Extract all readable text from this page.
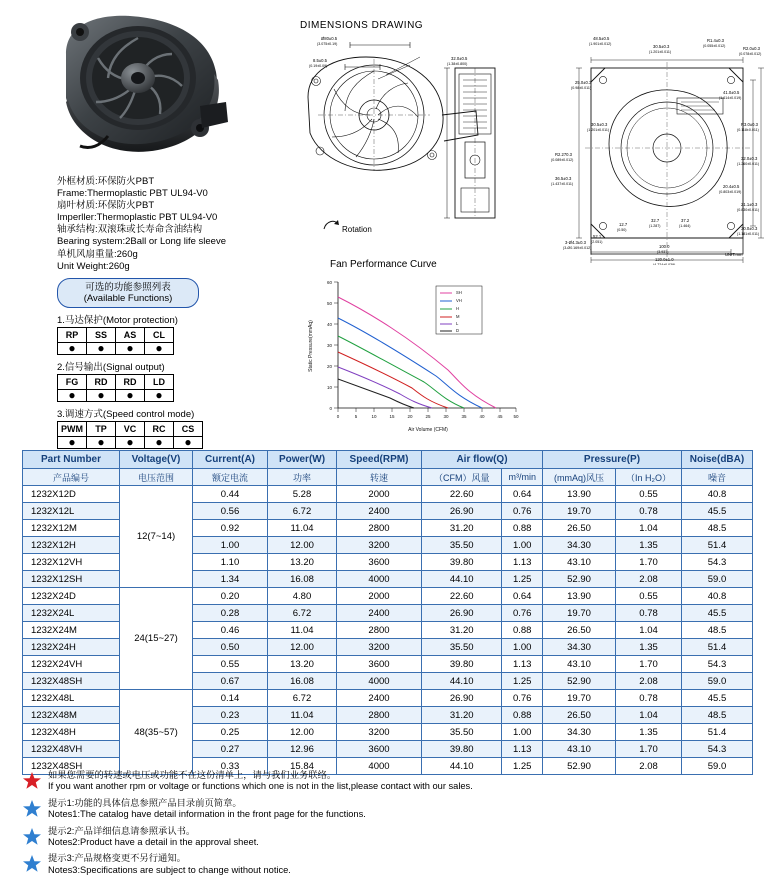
外框材质:环保防火PBT
Frame:Thermoplastic PBT UL94-V0
扇叶材质:环保防火PBT
Imperller:Thermoplastic PBT UL94-V0
轴承结构:双滚珠或长寿命含油结构
Bearing system:2Ball or Long life sleeve
单机风扇重量:260g
Unit Weight:260g
可选的功能参照列表
(Available Functions)
1.马达保护(Motor protection)
RP	SS	AS	CL
●	●	●	●
2.信号输出(Signal output)
FG	RD	RD	LD
●	●	●	●
3.调速方式(Speed control mode)
PWM	TP	VC	RC	CS
●	●	●	●	●
DIMENSIONS DRAWING
Ø80±0.5
(3.075±0.19)
8.5±0.5
(0.19±0.09)
32.0±0.5
(1.38±0.800)
48.5±0.5
(1.901±0.012)	30.5±0.3
(1.201±0.011)
R1.4±0.3
(0.055±0.012)	R2.0±0.3
(0.078±0.012)
25.0±0.3
(0.98±0.011)
30.5±0.3
(1.201±0.011)
R2.270.3
(0.089±0.012)
36.5±0.3
(1.437±0.011)
41.0±0.5
(1.614±0.019)
R3.0±0.3
(0.118±0.011)
32.0±0.3
(1.260±0.011)
20.4±0.5
(0.803±0.019)
21.1±0.3
(0.830±0.011)
30.0±0.3
(1.181±0.011)
32.7
(1.287)
37.2
(1.464)
12.7
(0.50)
52.1
(2.051)
100.0
(3.937)
120.0±1.0
(4.724±0.039)
3-Ø4.3±0.3
(3-Ø0.169±0.012)
UNIT:mm
Rotation
Fan Performance Curve
0
10
20
30
40
50
60
0	5	10	15	20	25	30	35	40	45 50
Air Volume (CFM)
Static Pressure(mmAq)
SH
VH
H
M
L
D
Part Number	Voltage(V)	Current(A)	Power(W)	Speed(RPM)	Air flow(Q)		Pressure(P)		Noise(dBA)
产品编号	电压范围	额定电流	功率	转速	（CFM）风量	m³/min	(mmAq)风压	（In H₂O）	噪音
1232X12D	12(7~14)	0.44	5.28	2000	22.60	0.64	13.90	0.55	40.8
1232X12L		0.56	6.72	2400	26.90	0.76	19.70	0.78	45.5
1232X12M		0.92	11.04	2800	31.20	0.88	26.50	1.04	48.5
1232X12H		1.00	12.00	3200	35.50	1.00	34.30	1.35	51.4
1232X12VH		1.10	13.20	3600	39.80	1.13	43.10	1.70	54.3
1232X12SH		1.34	16.08	4000	44.10	1.25	52.90	2.08	59.0
1232X24D	24(15~27)	0.20	4.80	2000	22.60	0.64	13.90	0.55	40.8
1232X24L		0.28	6.72	2400	26.90	0.76	19.70	0.78	45.5
1232X24M		0.46	11.04	2800	31.20	0.88	26.50	1.04	48.5
1232X24H		0.50	12.00	3200	35.50	1.00	34.30	1.35	51.4
1232X24VH		0.55	13.20	3600	39.80	1.13	43.10	1.70	54.3
1232X48SH		0.67	16.08	4000	44.10	1.25	52.90	2.08	59.0
1232X48L	48(35~57)	0.14	6.72	2400	26.90	0.76	19.70	0.78	45.5
1232X48M		0.23	11.04	2800	31.20	0.88	26.50	1.04	48.5
1232X48H		0.25	12.00	3200	35.50	1.00	34.30	1.35	51.4
1232X48VH		0.27	12.96	3600	39.80	1.13	43.10	1.70	54.3
1232X48SH		0.33	15.84	4000	44.10	1.25	52.90	2.08	59.0
如果您需要的转速或电压或功能不在这份清单上，请与我们业务联络。
If you want another rpm or voltage or functions which one is not in the list,please contact with our sales.
提示1:功能的具体信息参照产品目录前页简章。
Notes1:The catalog have detail information in the front page for the functions.
提示2:产品详细信息请参照承认书。
Notes2:Product have a detail in the approval sheet.
提示3:产品规格变更不另行通知。
Notes3:Specifications are subject to change without notice.
